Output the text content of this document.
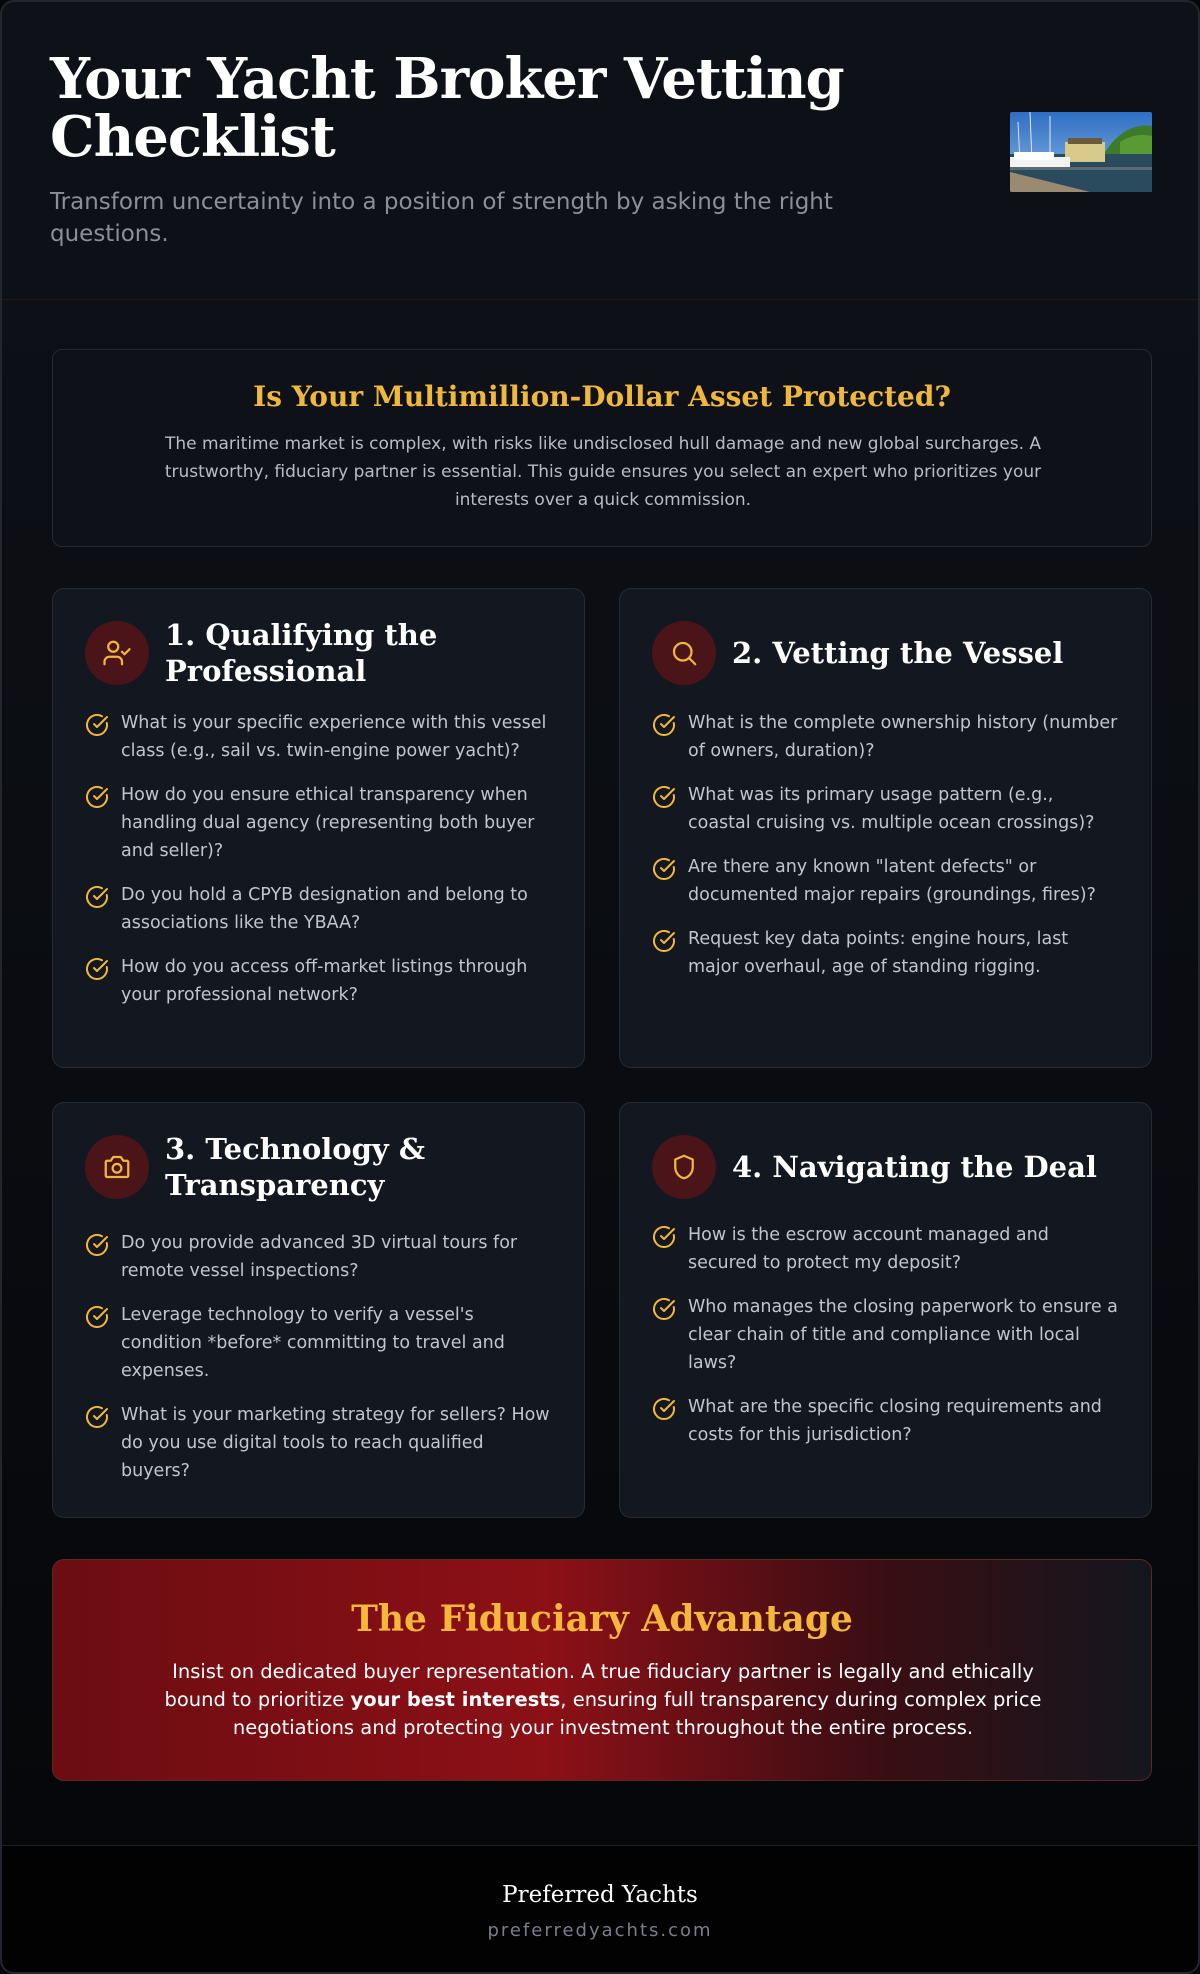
Your Yacht Broker Vetting Checklist

Transform uncertainty into a position of strength by asking the right questions.

Is Your Multimillion-Dollar Asset Protected?

The maritime market is complex, with risks like undisclosed hull damage and new global surcharges. A trustworthy, fiduciary partner is essential. This guide ensures you select an expert who prioritizes your interests over a quick commission.

1. Qualifying the Professional
What is your specific experience with this vessel class (e.g., sail vs. twin-engine power yacht)?
How do you ensure ethical transparency when handling dual agency (representing both buyer and seller)?
Do you hold a CPYB designation and belong to associations like the YBAA?
How do you access off-market listings through your professional network?
2. Vetting the Vessel
What is the complete ownership history (number of owners, duration)?
What was its primary usage pattern (e.g., coastal cruising vs. multiple ocean crossings)?
Are there any known "latent defects" or documented major repairs (groundings, fires)?
Request key data points: engine hours, last major overhaul, age of standing rigging.
3. Technology & Transparency
Do you provide advanced 3D virtual tours for remote vessel inspections?
Leverage technology to verify a vessel's condition *before* committing to travel and expenses.
What is your marketing strategy for sellers? How do you use digital tools to reach qualified buyers?
4. Navigating the Deal
How is the escrow account managed and secured to protect my deposit?
Who manages the closing paperwork to ensure a clear chain of title and compliance with local laws?
What are the specific closing requirements and costs for this jurisdiction?
The Fiduciary Advantage

Insist on dedicated buyer representation. A true fiduciary partner is legally and ethically bound to prioritize your best interests, ensuring full transparency during complex price negotiations and protecting your investment throughout the entire process.

Preferred Yachts
preferredyachts.com
